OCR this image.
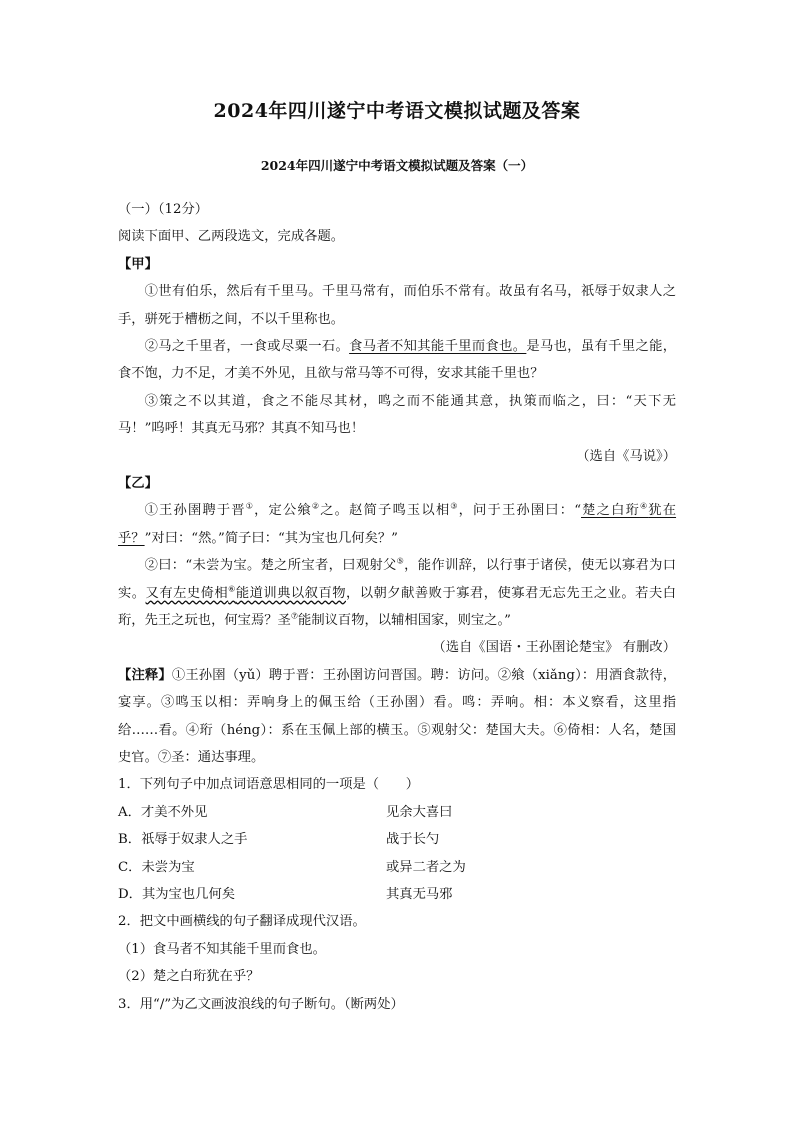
2024年四川遂宁中考语文模拟试题及答案
2024年四川遂宁中考语文模拟试题及答案（一）
（一）（12分）
阅读下面甲、乙两段选文，完成各题。
【甲】
①世有伯乐，然后有千里马。千里马常有，而伯乐不常有。故虽有名马，祇辱于奴隶人之手，骈死于槽枥之间，不以千里称也。
②马之千里者，一食或尽粟一石。食马者不知其能千里而食也。是马也，虽有千里之能，食不饱，力不足，才美不外见，且欲与常马等不可得，安求其能千里也？
③策之不以其道，食之不能尽其材，鸣之而不能通其意，执策而临之，曰：“天下无马！”呜呼！其真无马邪？其真不知马也！
（选自《马说》）
【乙】
①王孙圉聘于晋①，定公飨②之。赵简子鸣玉以相③，问于王孙圉曰：“楚之白珩④犹在乎？”对曰：“然。”简子曰：“其为宝也几何矣？”
②曰：“未尝为宝。楚之所宝者，曰观射父⑤，能作训辞，以行事于诸侯，使无以寡君为口实。又有左史倚相⑥能道训典以叙百物，以朝夕献善败于寡君，使寡君无忘先王之业。若夫白珩，先王之玩也，何宝焉？圣⑦能制议百物，以辅相国家，则宝之。”
（选自《国语・王孙圉论楚宝》 有删改）
【注释】①王孙圉（yǔ）聘于晋：王孙圉访问晋国。聘：访问。②飨（xiǎng）：用酒食款待，宴享。③鸣玉以相：弄响身上的佩玉给（王孙圉）看。鸣：弄响。相：本义察看，这里指给……看。④珩（héng）：系在玉佩上部的横玉。⑤观射父：楚国大夫。⑥倚相：人名，楚国史官。⑦圣：通达事理。
1．下列句子中加点词语意思相同的一项是（　　）
A．才美不外见	见余大喜曰
B．祇辱于奴隶人之手	战于长勺
C．未尝为宝	或异二者之为
D．其为宝也几何矣	其真无马邪
2．把文中画横线的句子翻译成现代汉语。
（1）食马者不知其能千里而食也。
（2）楚之白珩犹在乎？
3．用“/”为乙文画波浪线的句子断句。（断两处）
